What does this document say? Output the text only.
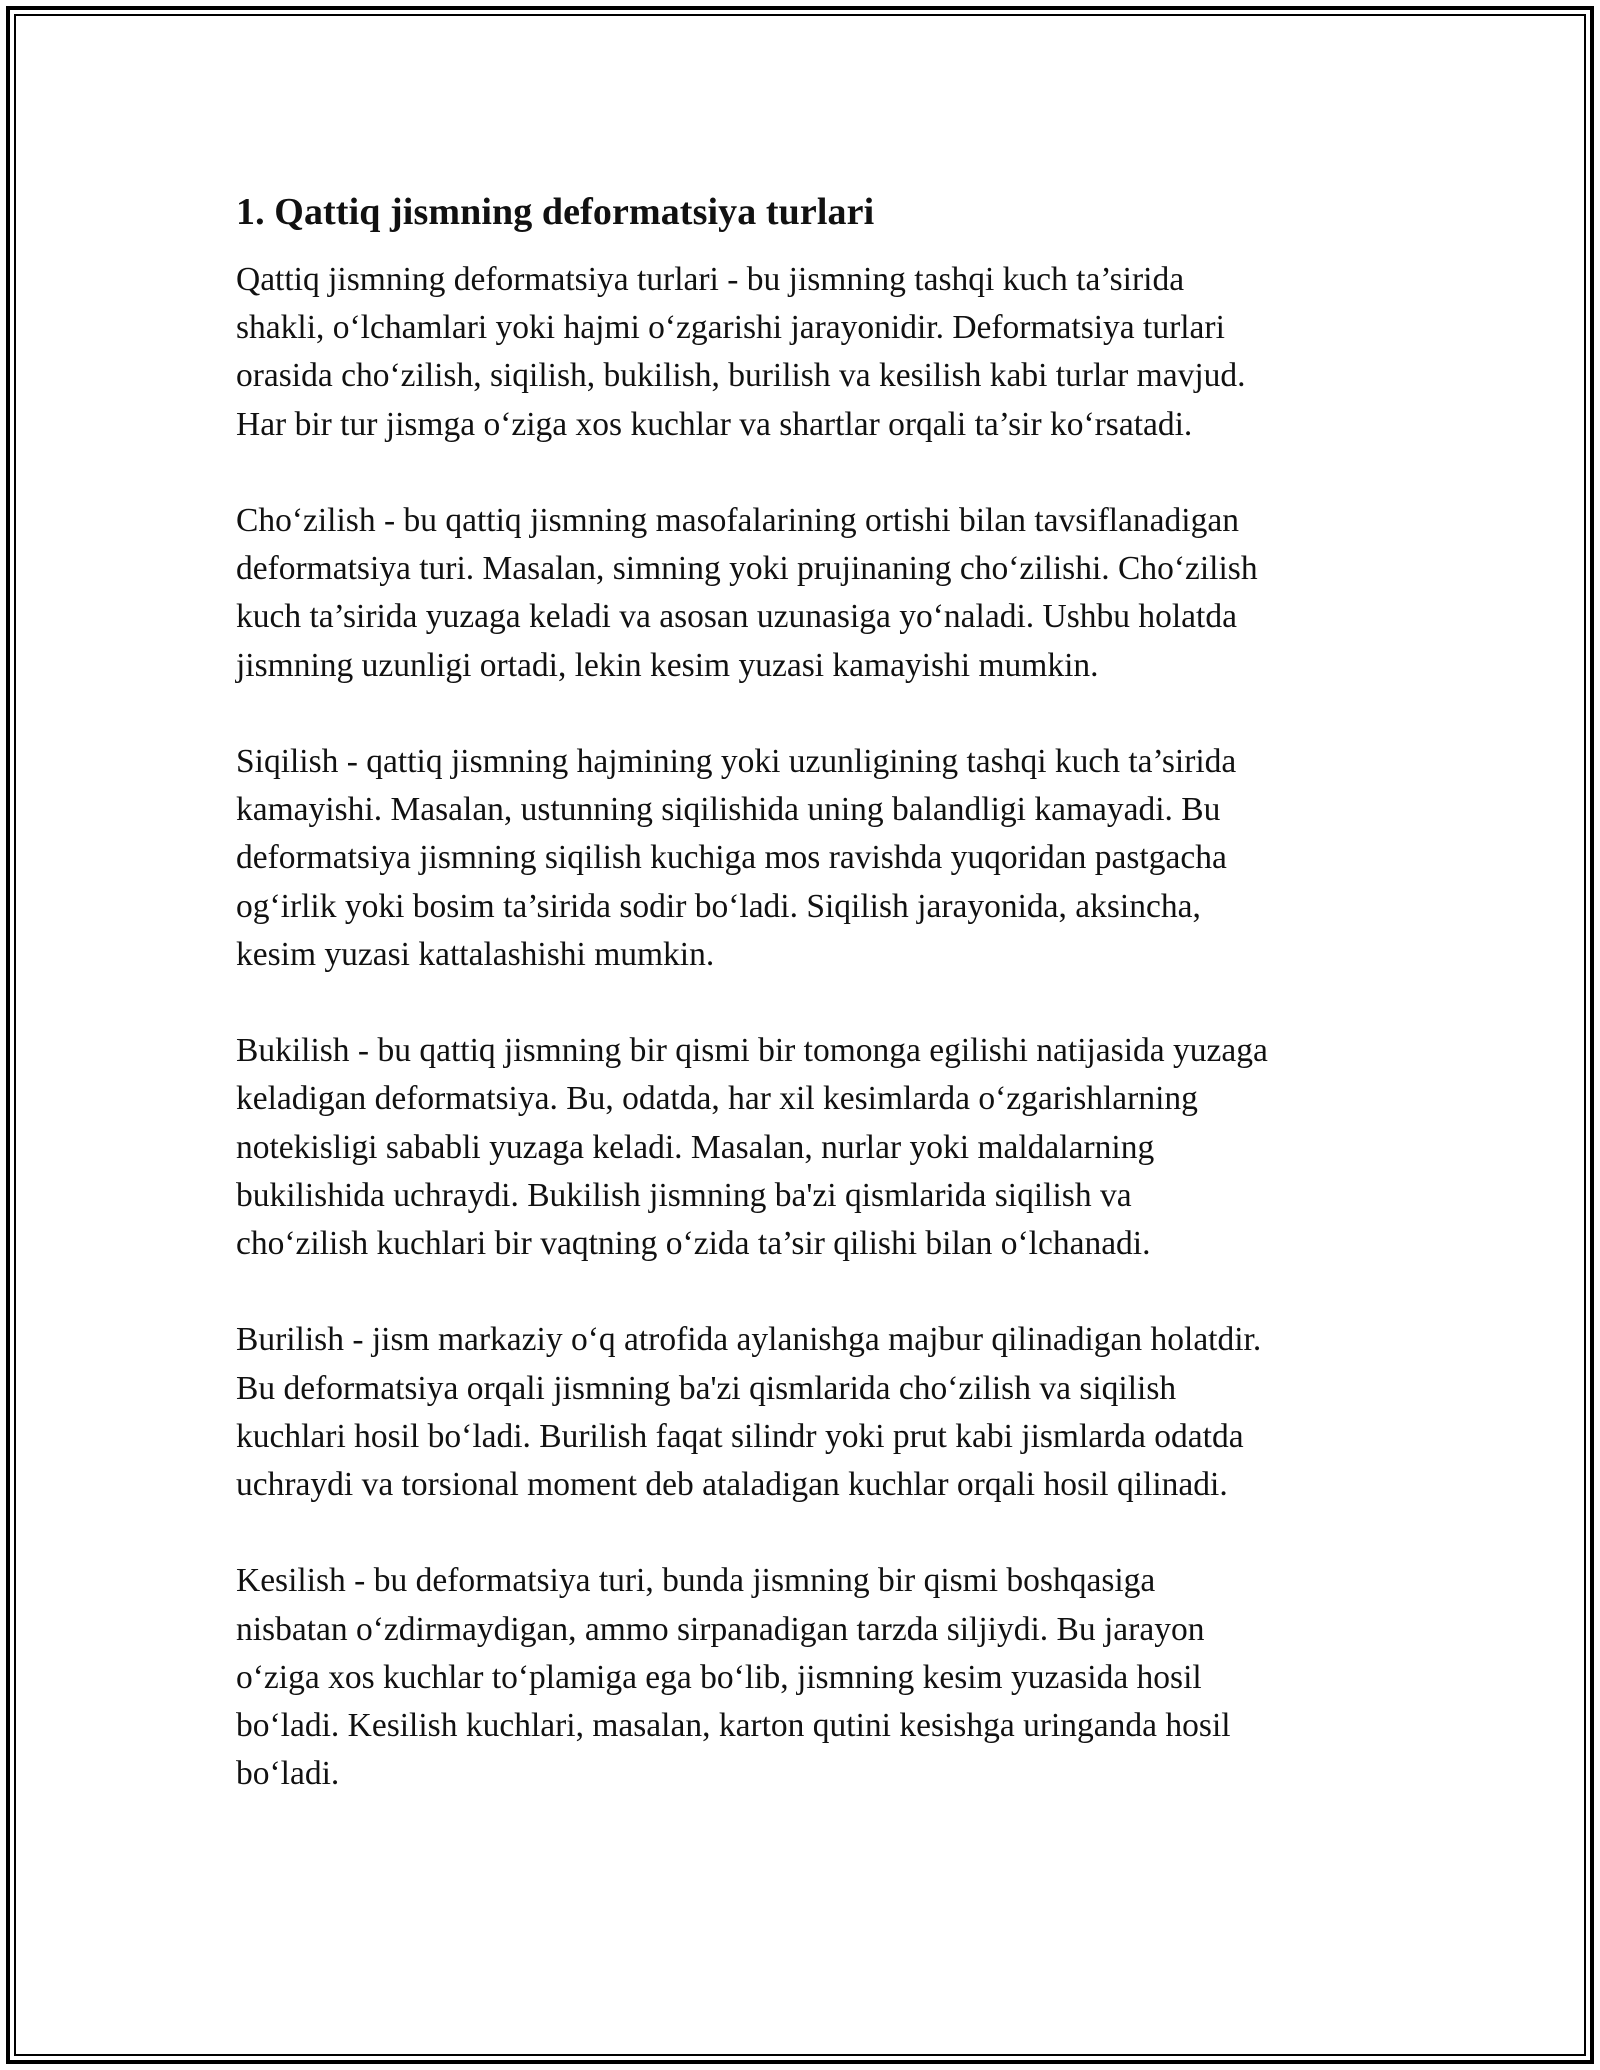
1. Qattiq jismning deformatsiya turlari

Qattiq jismning deformatsiya turlari - bu jismning tashqi kuch ta’sirida
shakli, o‘lchamlari yoki hajmi o‘zgarishi jarayonidir. Deformatsiya turlari
orasida cho‘zilish, siqilish, bukilish, burilish va kesilish kabi turlar mavjud.
Har bir tur jismga o‘ziga xos kuchlar va shartlar orqali ta’sir ko‘rsatadi.

Cho‘zilish - bu qattiq jismning masofalarining ortishi bilan tavsiflanadigan
deformatsiya turi. Masalan, simning yoki prujinaning cho‘zilishi. Cho‘zilish
kuch ta’sirida yuzaga keladi va asosan uzunasiga yo‘naladi. Ushbu holatda
jismning uzunligi ortadi, lekin kesim yuzasi kamayishi mumkin.

Siqilish - qattiq jismning hajmining yoki uzunligining tashqi kuch ta’sirida
kamayishi. Masalan, ustunning siqilishida uning balandligi kamayadi. Bu
deformatsiya jismning siqilish kuchiga mos ravishda yuqoridan pastgacha
og‘irlik yoki bosim ta’sirida sodir bo‘ladi. Siqilish jarayonida, aksincha,
kesim yuzasi kattalashishi mumkin.

Bukilish - bu qattiq jismning bir qismi bir tomonga egilishi natijasida yuzaga
keladigan deformatsiya. Bu, odatda, har xil kesimlarda o‘zgarishlarning
notekisligi sababli yuzaga keladi. Masalan, nurlar yoki maldalarning
bukilishida uchraydi. Bukilish jismning ba'zi qismlarida siqilish va
cho‘zilish kuchlari bir vaqtning o‘zida ta’sir qilishi bilan o‘lchanadi.

Burilish - jism markaziy o‘q atrofida aylanishga majbur qilinadigan holatdir.
Bu deformatsiya orqali jismning ba'zi qismlarida cho‘zilish va siqilish
kuchlari hosil bo‘ladi. Burilish faqat silindr yoki prut kabi jismlarda odatda
uchraydi va torsional moment deb ataladigan kuchlar orqali hosil qilinadi.

Kesilish - bu deformatsiya turi, bunda jismning bir qismi boshqasiga
nisbatan o‘zdirmaydigan, ammo sirpanadigan tarzda siljiydi. Bu jarayon
o‘ziga xos kuchlar to‘plamiga ega bo‘lib, jismning kesim yuzasida hosil
bo‘ladi. Kesilish kuchlari, masalan, karton qutini kesishga uringanda hosil
bo‘ladi.
